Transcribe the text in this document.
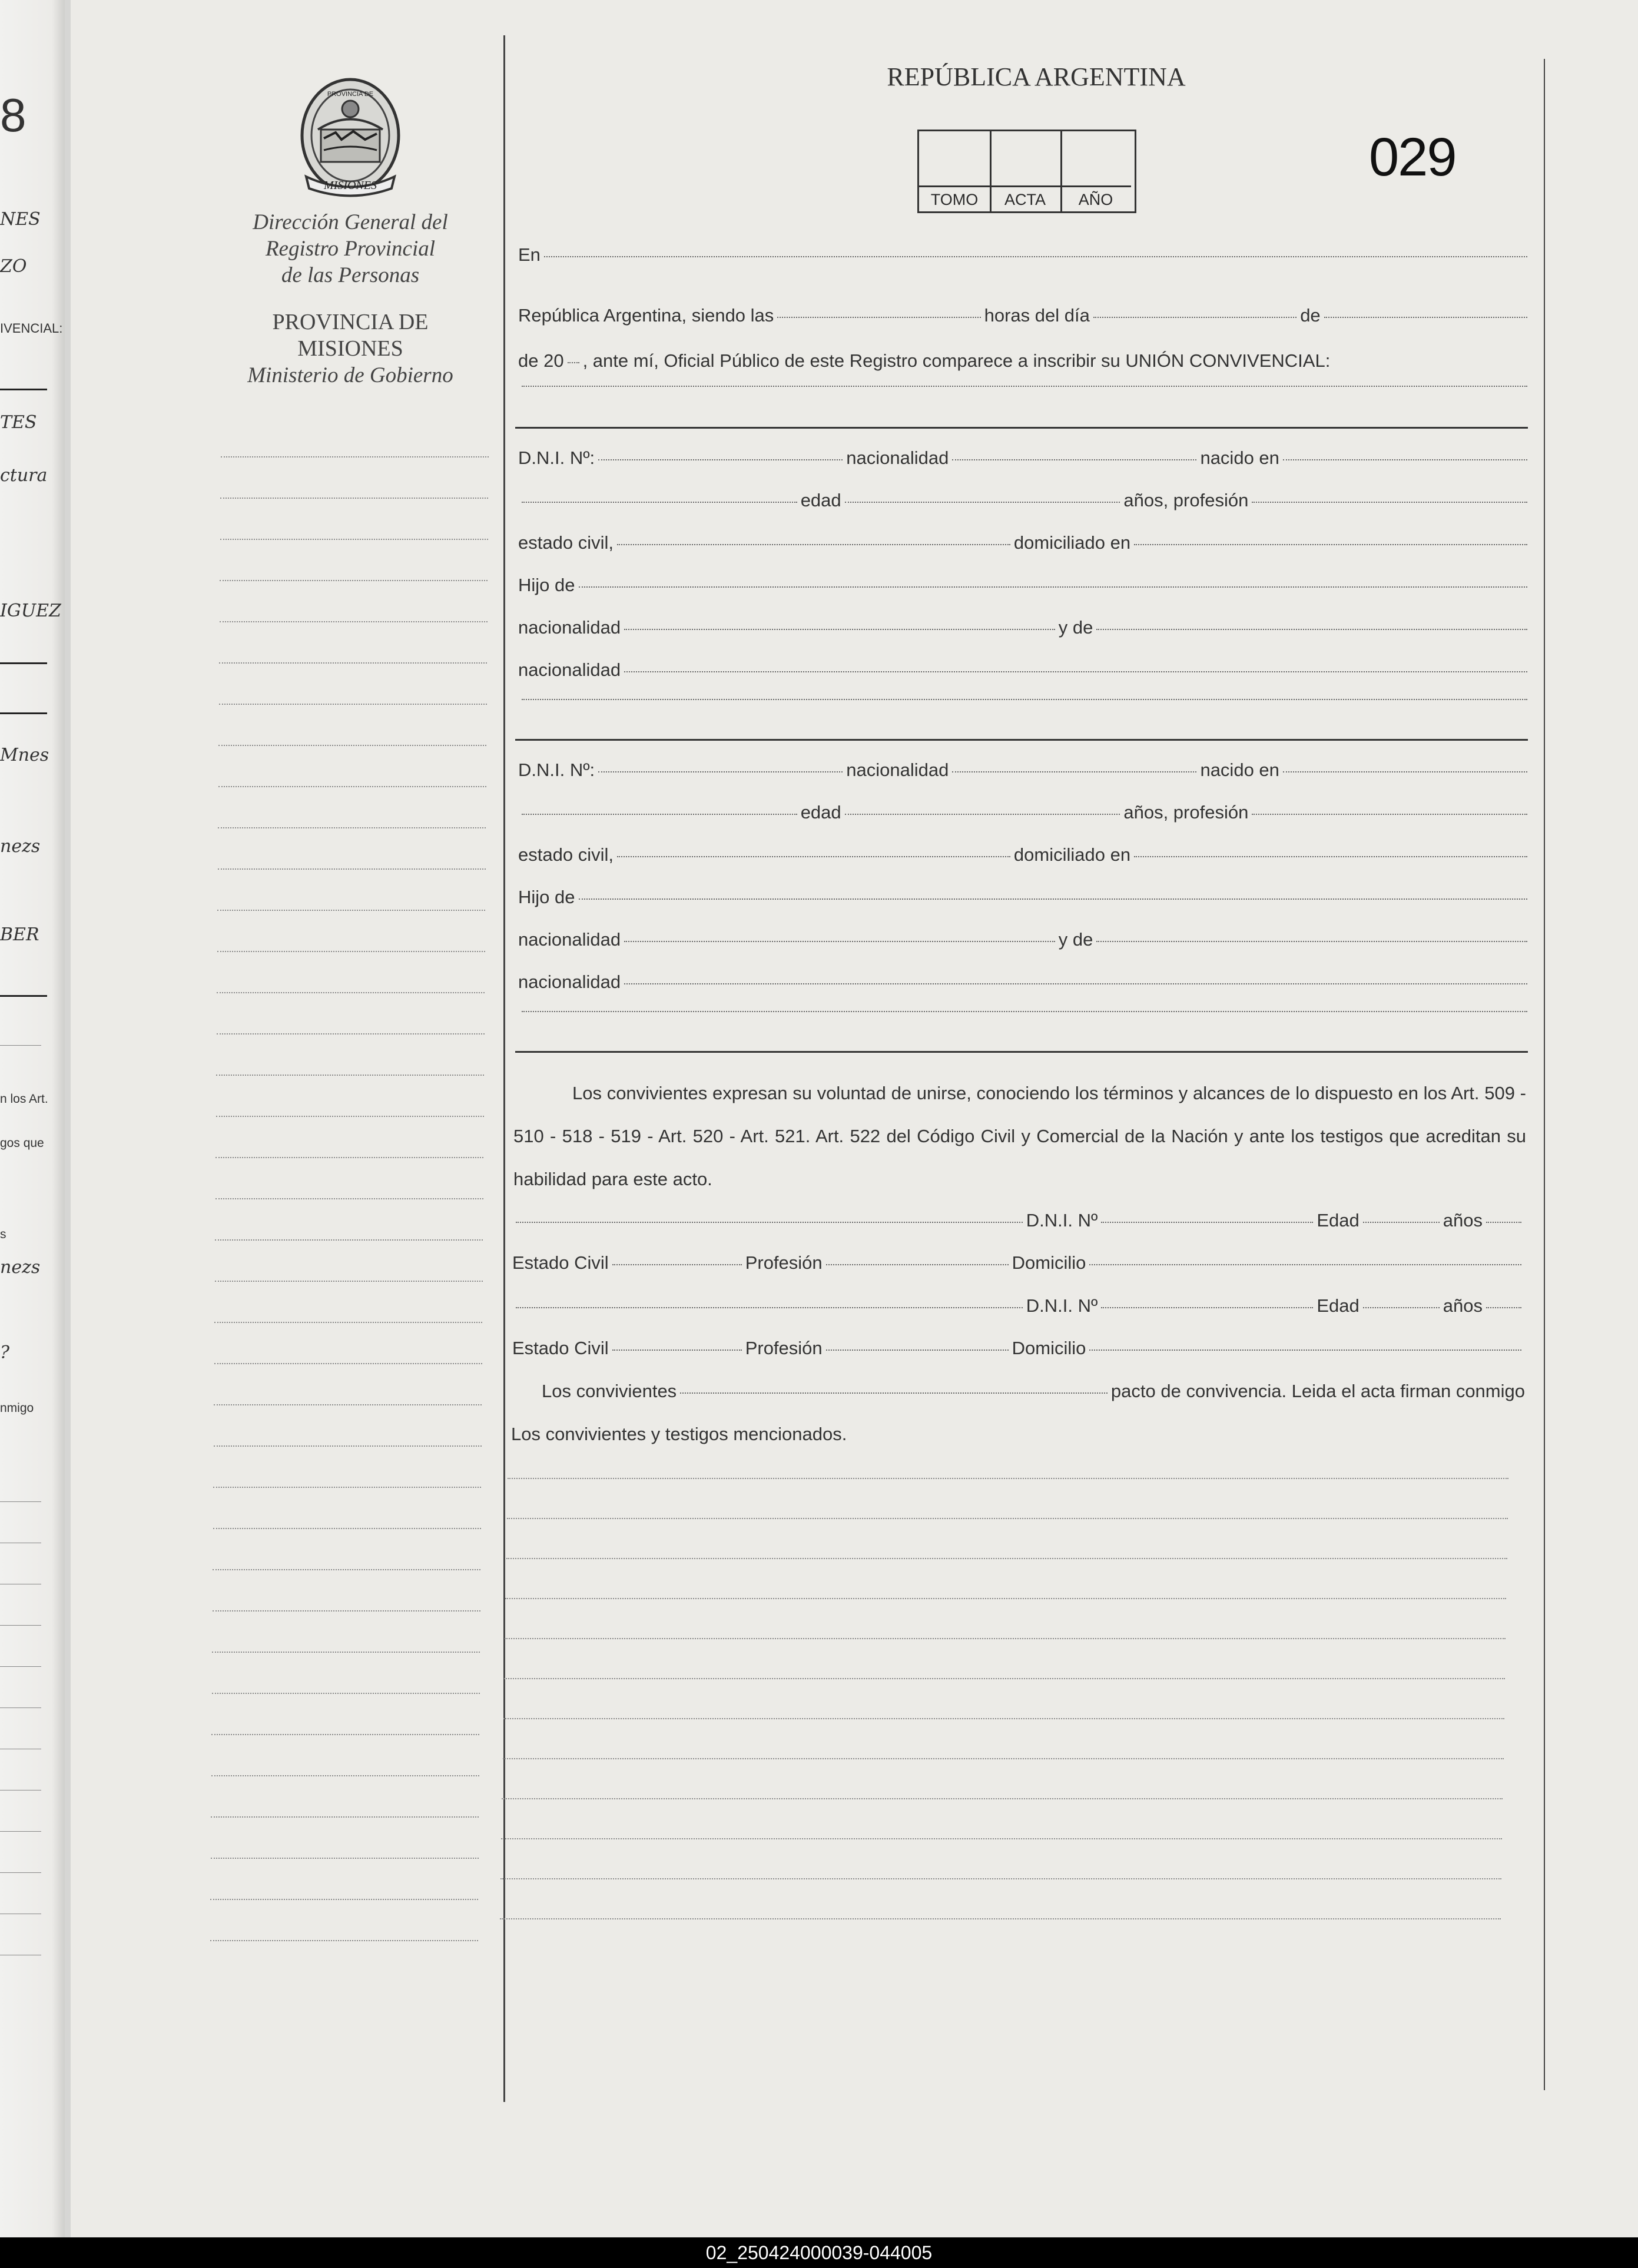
8
NES
ZO
IVENCIAL:
TES
ctura
IGUEZ
Mnes
nezs
BER
n los Art.
gos que
s
nezs
?
nmigo
MISIONES
PROVINCIA DE
Dirección General del
Registro Provincial
de las Personas
PROVINCIA DE
MISIONES
Ministerio de Gobierno
REPÚBLICA ARGENTINA
TOMO	ACTA	AÑO
029
En
República Argentina, siendo las	horas del día	de
de 20 , ante mí, Oficial Público de este Registro comparece a inscribir su UNIÓN CONVIVENCIAL:
Los convivientes expresan su voluntad de unirse, conociendo los términos y alcances de lo dispuesto en los Art. 509 - 510 - 518 - 519 - Art. 520 - Art. 521. Art. 522 del Código Civil y Comercial de la Nación y ante los testigos que acreditan su habilidad para este acto.
Los convivientes	pacto de convivencia. Leida el acta firman conmigo
Los convivientes y testigos mencionados.
02_250424000039-044005
D.N.I. Nº:	nacionalidad	nacido en
edad	años, profesión
estado civil,	domiciliado en
Hijo de
nacionalidad	y de
nacionalidad
D.N.I. Nº:	nacionalidad	nacido en
edad	años, profesión
estado civil,	domiciliado en
Hijo de
nacionalidad	y de
nacionalidad
D.N.I. Nº	Edad	años
Estado Civil	Profesión	Domicilio
D.N.I. Nº	Edad	años
Estado Civil	Profesión	Domicilio
